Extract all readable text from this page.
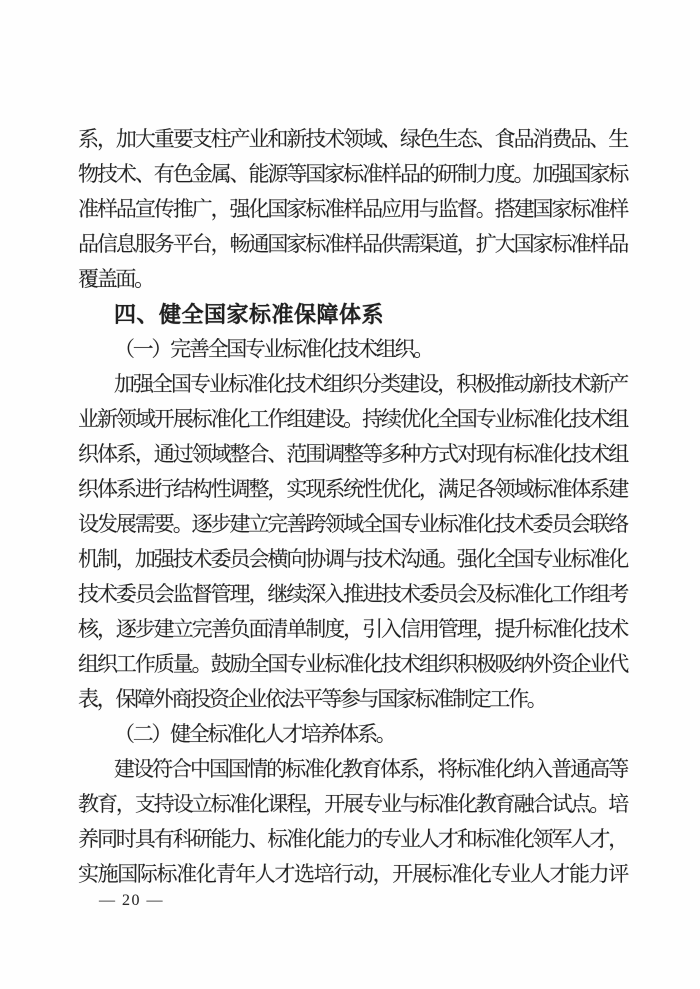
系，加大重要支柱产业和新技术领域、绿色生态、食品消费品、生
物技术、有色金属、能源等国家标准样品的研制力度。加强国家标
准样品宣传推广，强化国家标准样品应用与监督。搭建国家标准样
品信息服务平台，畅通国家标准样品供需渠道，扩大国家标准样品
覆盖面。
四、健全国家标准保障体系
（一）完善全国专业标准化技术组织。
加强全国专业标准化技术组织分类建设，积极推动新技术新产
业新领域开展标准化工作组建设。持续优化全国专业标准化技术组
织体系，通过领域整合、范围调整等多种方式对现有标准化技术组
织体系进行结构性调整，实现系统性优化，满足各领域标准体系建
设发展需要。逐步建立完善跨领域全国专业标准化技术委员会联络
机制，加强技术委员会横向协调与技术沟通。强化全国专业标准化
技术委员会监督管理，继续深入推进技术委员会及标准化工作组考
核，逐步建立完善负面清单制度，引入信用管理，提升标准化技术
组织工作质量。鼓励全国专业标准化技术组织积极吸纳外资企业代
表，保障外商投资企业依法平等参与国家标准制定工作。
（二）健全标准化人才培养体系。
建设符合中国国情的标准化教育体系，将标准化纳入普通高等
教育，支持设立标准化课程，开展专业与标准化教育融合试点。培
养同时具有科研能力、标准化能力的专业人才和标准化领军人才，
实施国际标准化青年人才选培行动，开展标准化专业人才能力评
— 20 —
